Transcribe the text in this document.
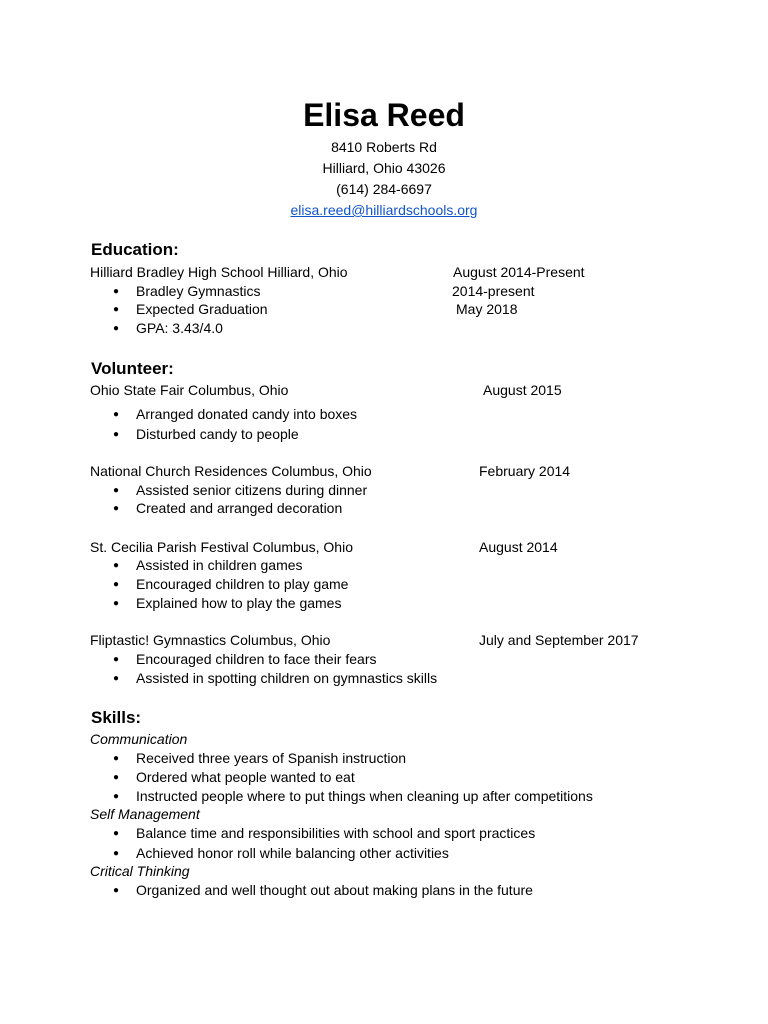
Elisa Reed
8410 Roberts Rd
Hilliard, Ohio 43026
(614) 284-6697
elisa.reed@hilliardschools.org
Education:
Hilliard Bradley High School Hilliard, Ohio	August 2014-Present
● Bradley Gymnastics	2014-present
● Expected Graduation	May 2018
● GPA: 3.43/4.0
Volunteer:
Ohio State Fair Columbus, Ohio	August 2015
● Arranged donated candy into boxes
● Disturbed candy to people
National Church Residences Columbus, Ohio	February 2014
● Assisted senior citizens during dinner
● Created and arranged decoration
St. Cecilia Parish Festival Columbus, Ohio	August 2014
● Assisted in children games
● Encouraged children to play game
● Explained how to play the games
Fliptastic! Gymnastics Columbus, Ohio	July and September 2017
● Encouraged children to face their fears
● Assisted in spotting children on gymnastics skills
Skills:
Communication
● Received three years of Spanish instruction
● Ordered what people wanted to eat
● Instructed people where to put things when cleaning up after competitions
Self Management
● Balance time and responsibilities with school and sport practices
● Achieved honor roll while balancing other activities
Critical Thinking
● Organized and well thought out about making plans in the future
